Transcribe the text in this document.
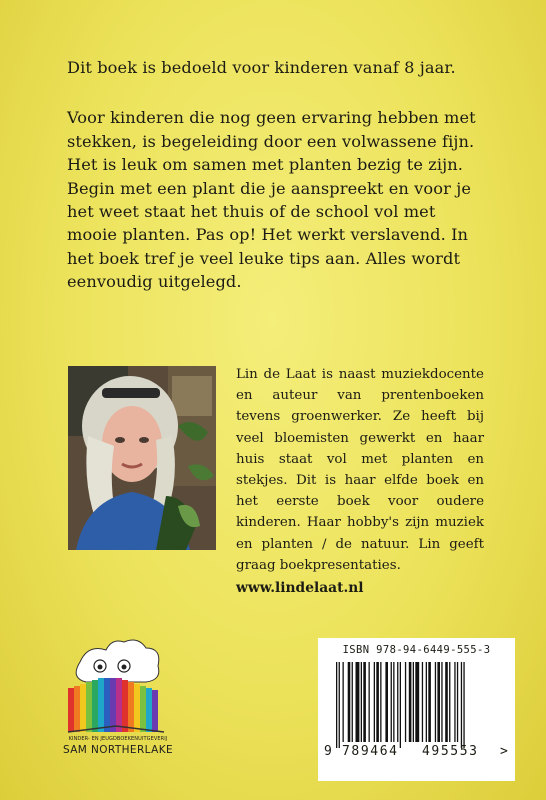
Dit boek is bedoeld voor kinderen vanaf 8 jaar.

Voor kinderen die nog geen ervaring hebben met stekken, is begeleiding door een volwassene fijn. Het is leuk om samen met planten bezig te zijn. Begin met een plant die je aanspreekt en voor je het weet staat het thuis of de school vol met mooie planten. Pas op! Het werkt verslavend. In het boek tref je veel leuke tips aan. Alles wordt eenvoudig uitgelegd.

Lin de Laat is naast muziekdocente en auteur van prentenboeken tevens groenwerker. Ze heeft bij veel bloemisten gewerkt en haar huis staat vol met planten en stekjes. Dit is haar elfde boek en het eerste boek voor oudere kinderen. Haar hobby's zijn muziek en planten / de natuur. Lin geeft graag boekpresentaties.

www.lindelaat.nl
KINDER- EN JEUGDBOEKENUITGEVERIJ
SAM NORTHERLAKE
ISBN 978-94-6449-555-3
9 789464 495553 >
